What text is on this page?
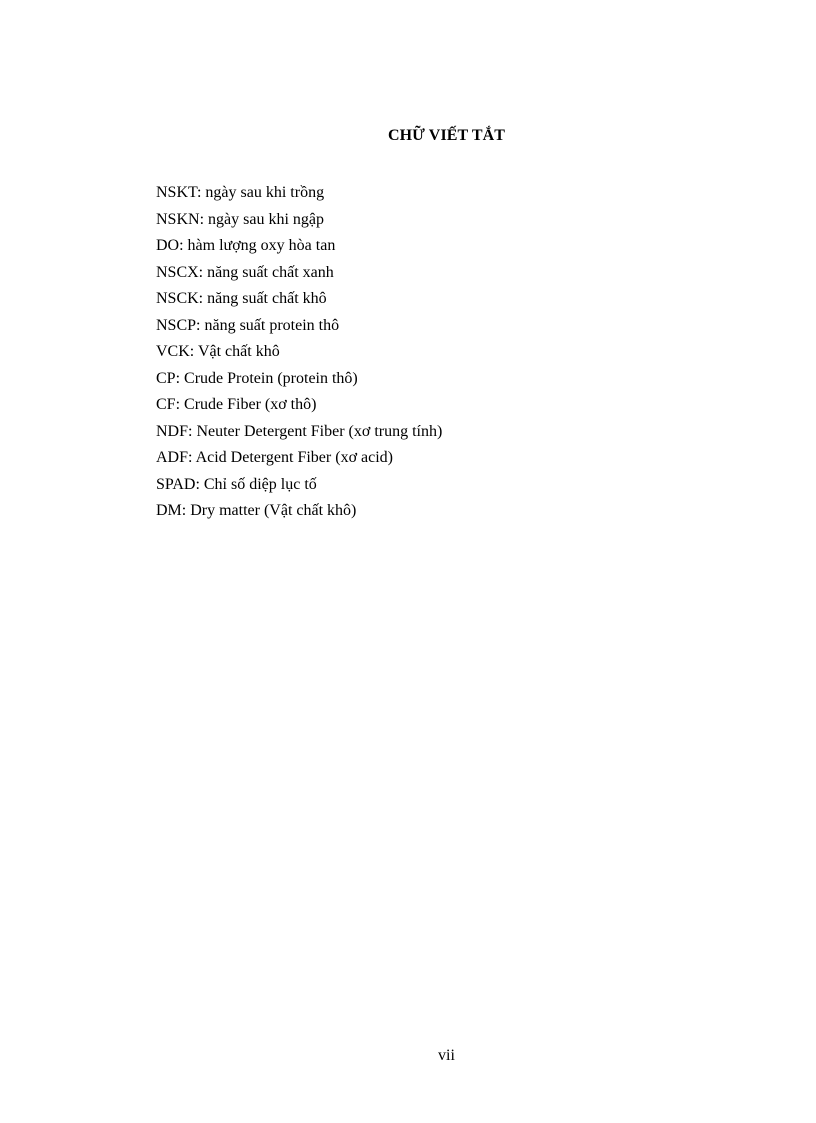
CHỮ VIẾT TẮT
NSKT: ngày sau khi trồng
NSKN: ngày sau khi ngập
DO: hàm lượng oxy hòa tan
NSCX: năng suất chất xanh
NSCK: năng suất chất khô
NSCP: năng suất protein thô
VCK: Vật chất khô
CP: Crude Protein (protein thô)
CF: Crude Fiber (xơ thô)
NDF: Neuter Detergent Fiber (xơ trung tính)
ADF: Acid Detergent Fiber (xơ acid)
SPAD: Chỉ số diệp lục tố
DM: Dry matter (Vật chất khô)
vii
